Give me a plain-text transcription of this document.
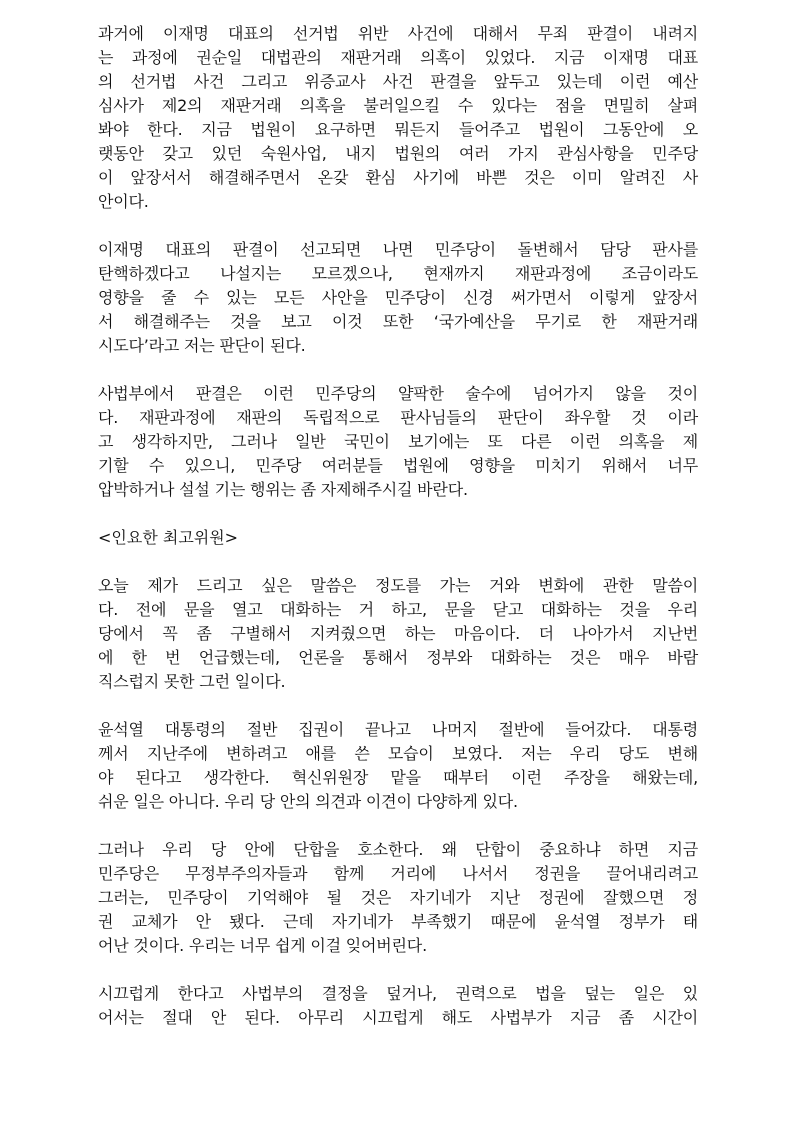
과거에 이재명 대표의 선거법 위반 사건에 대해서 무죄 판결이 내려지
는 과정에 권순일 대법관의 재판거래 의혹이 있었다. 지금 이재명 대표
의 선거법 사건 그리고 위증교사 사건 판결을 앞두고 있는데 이런 예산
심사가 제2의 재판거래 의혹을 불러일으킬 수 있다는 점을 면밀히 살펴
봐야 한다. 지금 법원이 요구하면 뭐든지 들어주고 법원이 그동안에 오
랫동안 갖고 있던 숙원사업, 내지 법원의 여러 가지 관심사항을 민주당
이 앞장서서 해결해주면서 온갖 환심 사기에 바쁜 것은 이미 알려진 사
안이다.
이재명 대표의 판결이 선고되면 나면 민주당이 돌변해서 담당 판사를
탄핵하겠다고 나설지는 모르겠으나, 현재까지 재판과정에 조금이라도
영향을 줄 수 있는 모든 사안을 민주당이 신경 써가면서 이렇게 앞장서
서 해결해주는 것을 보고 이것 또한 ‘국가예산을 무기로 한 재판거래
시도다’라고 저는 판단이 된다.
사법부에서 판결은 이런 민주당의 얄팍한 술수에 넘어가지 않을 것이
다. 재판과정에 재판의 독립적으로 판사님들의 판단이 좌우할 것 이라
고 생각하지만, 그러나 일반 국민이 보기에는 또 다른 이런 의혹을 제
기할 수 있으니, 민주당 여러분들 법원에 영향을 미치기 위해서 너무
압박하거나 설설 기는 행위는 좀 자제해주시길 바란다.
<인요한 최고위원>
오늘 제가 드리고 싶은 말씀은 정도를 가는 거와 변화에 관한 말씀이
다. 전에 문을 열고 대화하는 거 하고, 문을 닫고 대화하는 것을 우리
당에서 꼭 좀 구별해서 지켜줬으면 하는 마음이다. 더 나아가서 지난번
에 한 번 언급했는데, 언론을 통해서 정부와 대화하는 것은 매우 바람
직스럽지 못한 그런 일이다.
윤석열 대통령의 절반 집권이 끝나고 나머지 절반에 들어갔다. 대통령
께서 지난주에 변하려고 애를 쓴 모습이 보였다. 저는 우리 당도 변해
야 된다고 생각한다. 혁신위원장 맡을 때부터 이런 주장을 해왔는데,
쉬운 일은 아니다. 우리 당 안의 의견과 이견이 다양하게 있다.
그러나 우리 당 안에 단합을 호소한다. 왜 단합이 중요하냐 하면 지금
민주당은 무정부주의자들과 함께 거리에 나서서 정권을 끌어내리려고
그러는, 민주당이 기억해야 될 것은 자기네가 지난 정권에 잘했으면 정
권 교체가 안 됐다. 근데 자기네가 부족했기 때문에 윤석열 정부가 태
어난 것이다. 우리는 너무 쉽게 이걸 잊어버린다.
시끄럽게 한다고 사법부의 결정을 덮거나, 권력으로 법을 덮는 일은 있
어서는 절대 안 된다. 아무리 시끄럽게 해도 사법부가 지금 좀 시간이
